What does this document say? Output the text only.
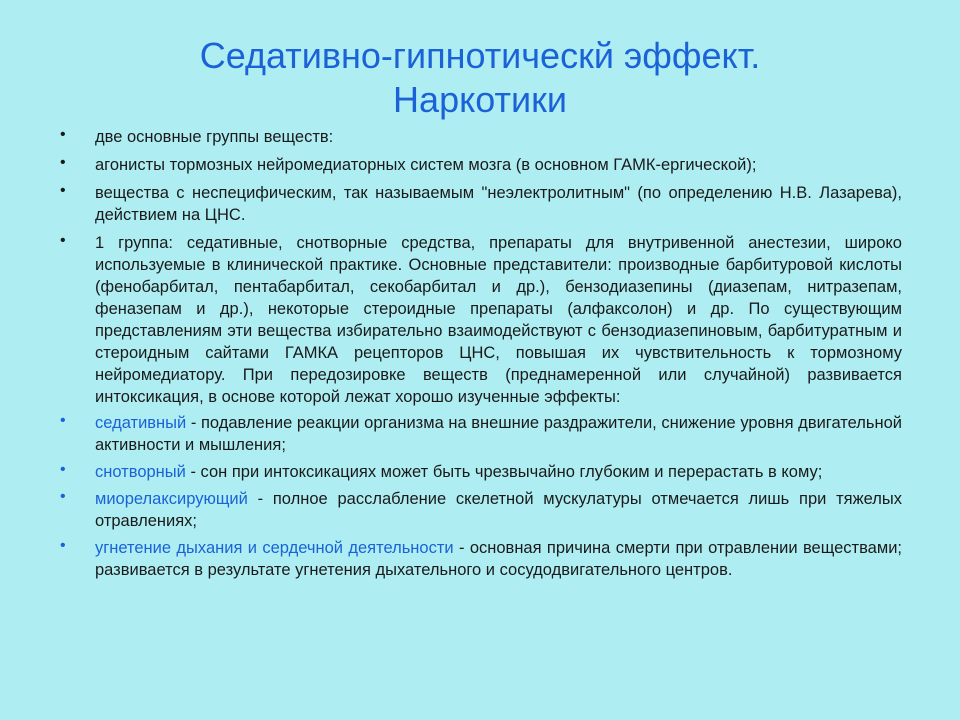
Седативно-гипнотическй эффект.
Наркотики
• две основные группы веществ:
• агонисты тормозных нейромедиаторных систем мозга (в основном ГАМК-ергической);
• вещества с неспецифическим, так называемым "неэлектролитным" (по определению Н.В. Лазарева), действием на ЦНС.
• 1 группа: седативные, снотворные средства, препараты для внутривенной анестезии, широко используемые в клинической практике. Основные представители: производные барбитуровой кислоты (фенобарбитал, пентабарбитал, секобарбитал и др.), бензодиазепины (диазепам, нитразепам, феназепам и др.), некоторые стероидные препараты (алфаксолон) и др. По существующим представлениям эти вещества избирательно взаимодействуют с бензодиазепиновым, барбитуратным и стероидным сайтами ГАМКА рецепторов ЦНС, повышая их чувствительность к тормозному нейромедиатору. При передозировке веществ (преднамеренной или случайной) развивается интоксикация, в основе которой лежат хорошо изученные эффекты:
• седативный - подавление реакции организма на внешние раздражители, снижение уровня двигательной активности и мышления;
• снотворный - сон при интоксикациях может быть чрезвычайно глубоким и перерастать в кому;
• миорелаксирующий - полное расслабление скелетной мускулатуры отмечается лишь при тяжелых отравлениях;
• угнетение дыхания и сердечной деятельности - основная причина смерти при отравлении веществами; развивается в результате угнетения дыхательного и сосудодвигательного центров.
